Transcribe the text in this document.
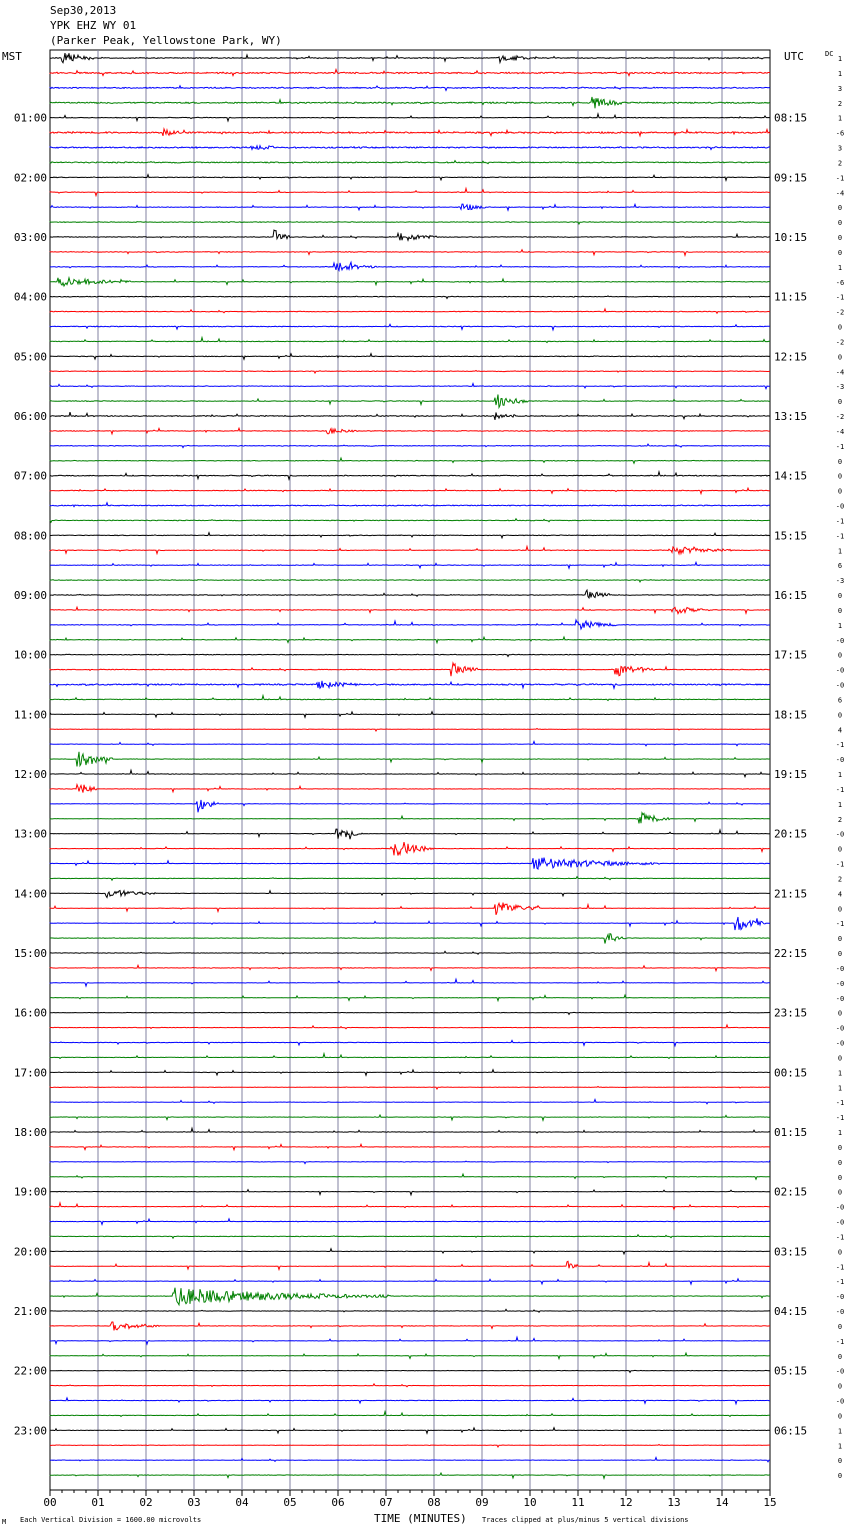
Sep30,2013
YPK EHZ WY 01
(Parker Peak, Yellowstone Park, WY)
MST	UTC	DC
00	01	02	03	04	05	06	07	08	09	10	11	12	13	14	15
1
1
3
2
1
01:00	08:15
-6
3
2
-1
02:00	09:15
-4
0
0
0
03:00	10:15
0
1
-6
-1
04:00	11:15
-2
0
-2
0
05:00	12:15
-4
-3
0
-2
06:00	13:15
-4
-1
0
0
07:00	14:15
0
-0
-1
-1
08:00	15:15
1
6
-3
0
09:00	16:15
0
1
-0
0
10:00	17:15
-0
-0
6
0
11:00	18:15
4
-1
-0
1
12:00	19:15
-1
1
2
-0
13:00	20:15
0
-1
2
4
14:00	21:15
0
-1
0
0
15:00	22:15
-0
-0
-0
0
16:00	23:15
-0
-0
0
1
17:00	00:15
1
-1
-1
1
18:00	01:15
0
0
0
0
19:00	02:15
-0
-0
-1
0
20:00	03:15
-1
-1
-0
-0
21:00	04:15
0
-1
0
-0
22:00	05:15
0
-0
0
1
23:00	06:15
1
0
0
M Each Vertical Division = 1600.00 microvolts	TIME (MINUTES) Traces clipped at plus/minus 5 vertical divisions
